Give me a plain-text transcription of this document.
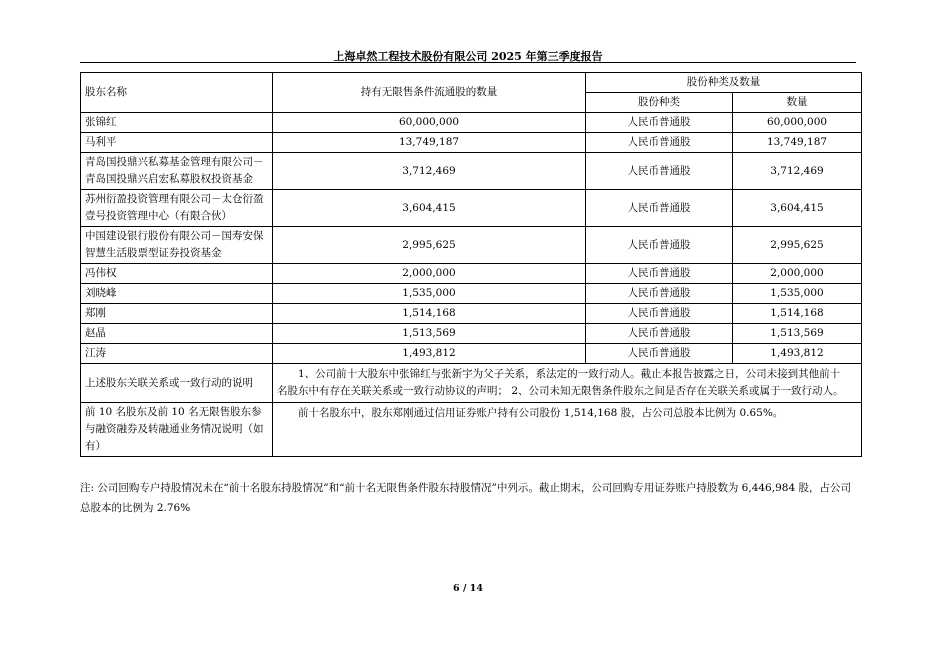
上海卓然工程技术股份有限公司 2025 年第三季度报告
股东名称	持有无限售条件流通股的数量	股份种类及数量	
		股份种类	数量
张锦红	60,000,000	人民币普通股	60,000,000
马利平	13,749,187	人民币普通股	13,749,187
青岛国投鼎兴私募基金管理有限公司－青岛国投鼎兴启宏私募股权投资基金	3,712,469	人民币普通股	3,712,469
苏州衍盈投资管理有限公司－太仓衍盈壹号投资管理中心（有限合伙）	3,604,415	人民币普通股	3,604,415
中国建设银行股份有限公司－国寿安保智慧生活股票型证券投资基金	2,995,625	人民币普通股	2,995,625
冯伟权	2,000,000	人民币普通股	2,000,000
刘晓峰	1,535,000	人民币普通股	1,535,000
郑刚	1,514,168	人民币普通股	1,514,168
赵晶	1,513,569	人民币普通股	1,513,569
江涛	1,493,812	人民币普通股	1,493,812
上述股东关联关系或一致行动的说明	1、公司前十大股东中张锦红与张新宇为父子关系，系法定的一致行动人。截止本报告披露之日，公司未接到其他前十名股东中有存在关联关系或一致行动协议的声明； 2、公司未知无限售条件股东之间是否存在关联关系或属于一致行动人。		
前 10 名股东及前 10 名无限售股东参与融资融券及转融通业务情况说明（如有）	前十名股东中，股东郑刚通过信用证券账户持有公司股份 1,514,168 股，占公司总股本比例为 0.65%。		
注: 公司回购专户持股情况未在“前十名股东持股情况”和“前十名无限售条件股东持股情况”中列示。截止期末，公司回购专用证券账户持股数为 6,446,984 股，占公司总股本的比例为 2.76%
6 / 14
